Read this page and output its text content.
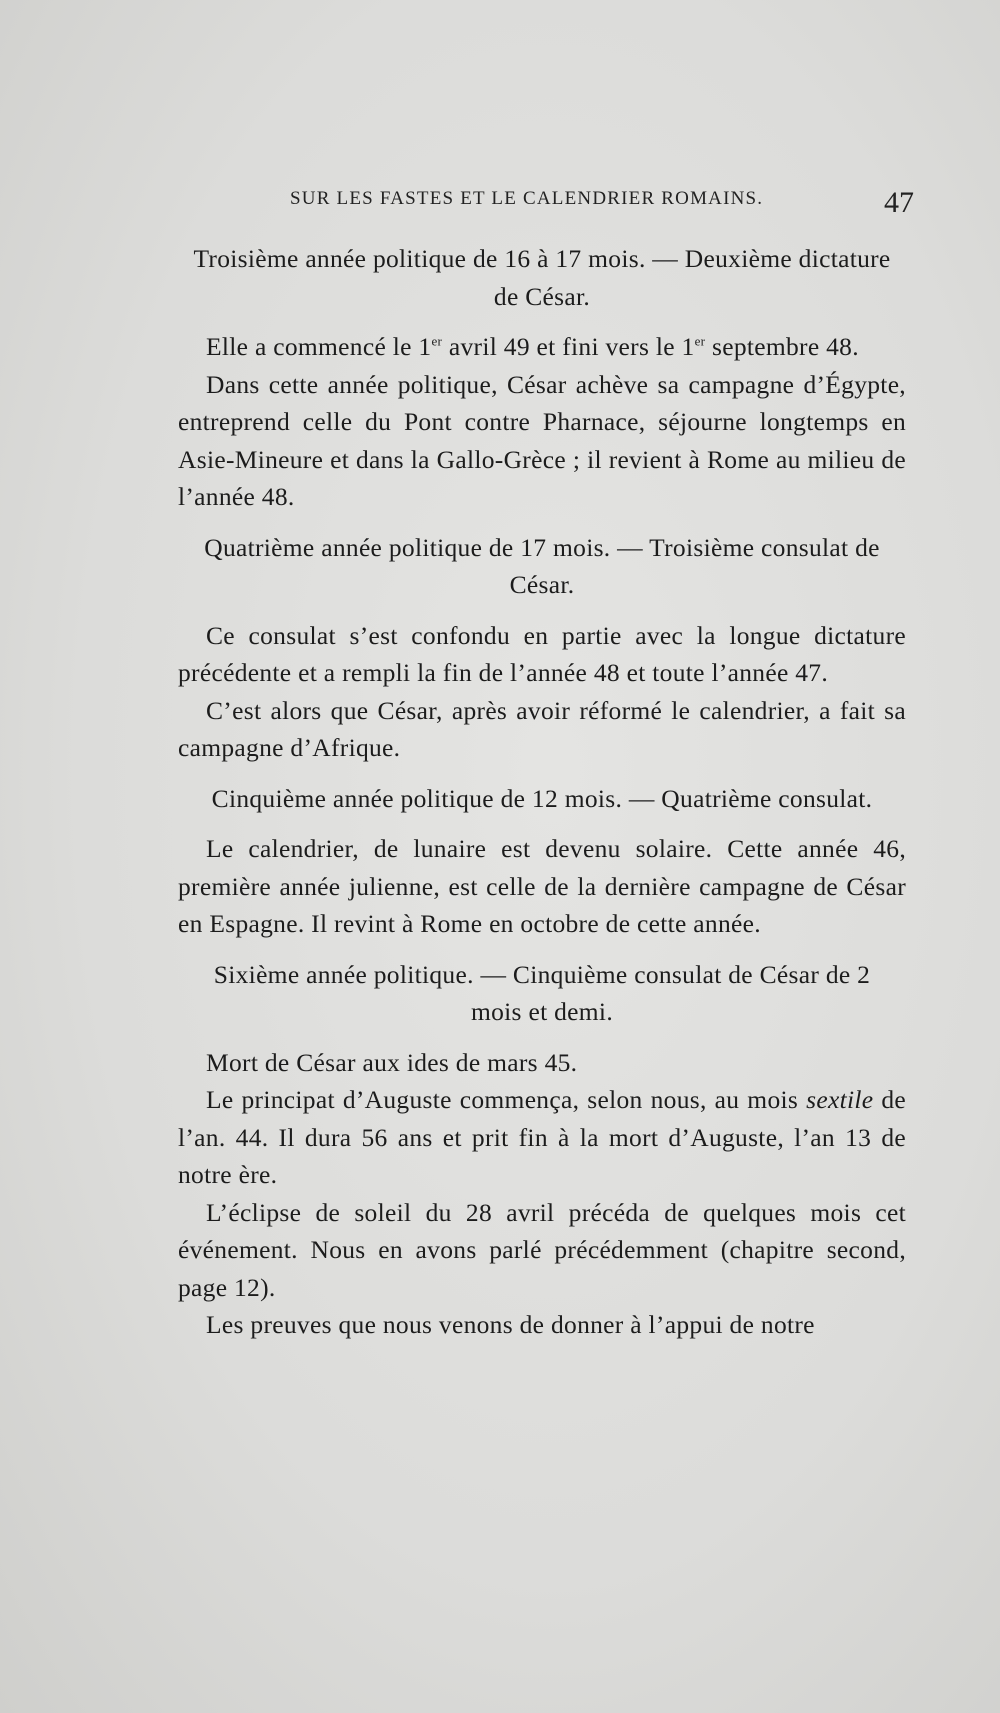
SUR LES FASTES ET LE CALENDRIER ROMAINS.	47

Troisième année politique de 16 à 17 mois. — Deuxième dictature de César.

Elle a commencé le 1er avril 49 et fini vers le 1er septembre 48.

Dans cette année politique, César achève sa campagne d’Égypte, entreprend celle du Pont contre Pharnace, séjourne longtemps en Asie-Mineure et dans la Gallo-Grèce ; il revient à Rome au milieu de l’année 48.

Quatrième année politique de 17 mois. — Troisième consulat de César.

Ce consulat s’est confondu en partie avec la longue dictature précédente et a rempli la fin de l’année 48 et toute l’année 47.

C’est alors que César, après avoir réformé le calendrier, a fait sa campagne d’Afrique.

Cinquième année politique de 12 mois. — Quatrième consulat.

Le calendrier, de lunaire est devenu solaire. Cette année 46, première année julienne, est celle de la dernière campagne de César en Espagne. Il revint à Rome en octobre de cette année.

Sixième année politique. — Cinquième consulat de César de 2 mois et demi.

Mort de César aux ides de mars 45.

Le principat d’Auguste commença, selon nous, au mois sextile de l’an. 44. Il dura 56 ans et prit fin à la mort d’Auguste, l’an 13 de notre ère.

L’éclipse de soleil du 28 avril précéda de quelques mois cet événement. Nous en avons parlé précédemment (chapitre second, page 12).

Les preuves que nous venons de donner à l’appui de notre
